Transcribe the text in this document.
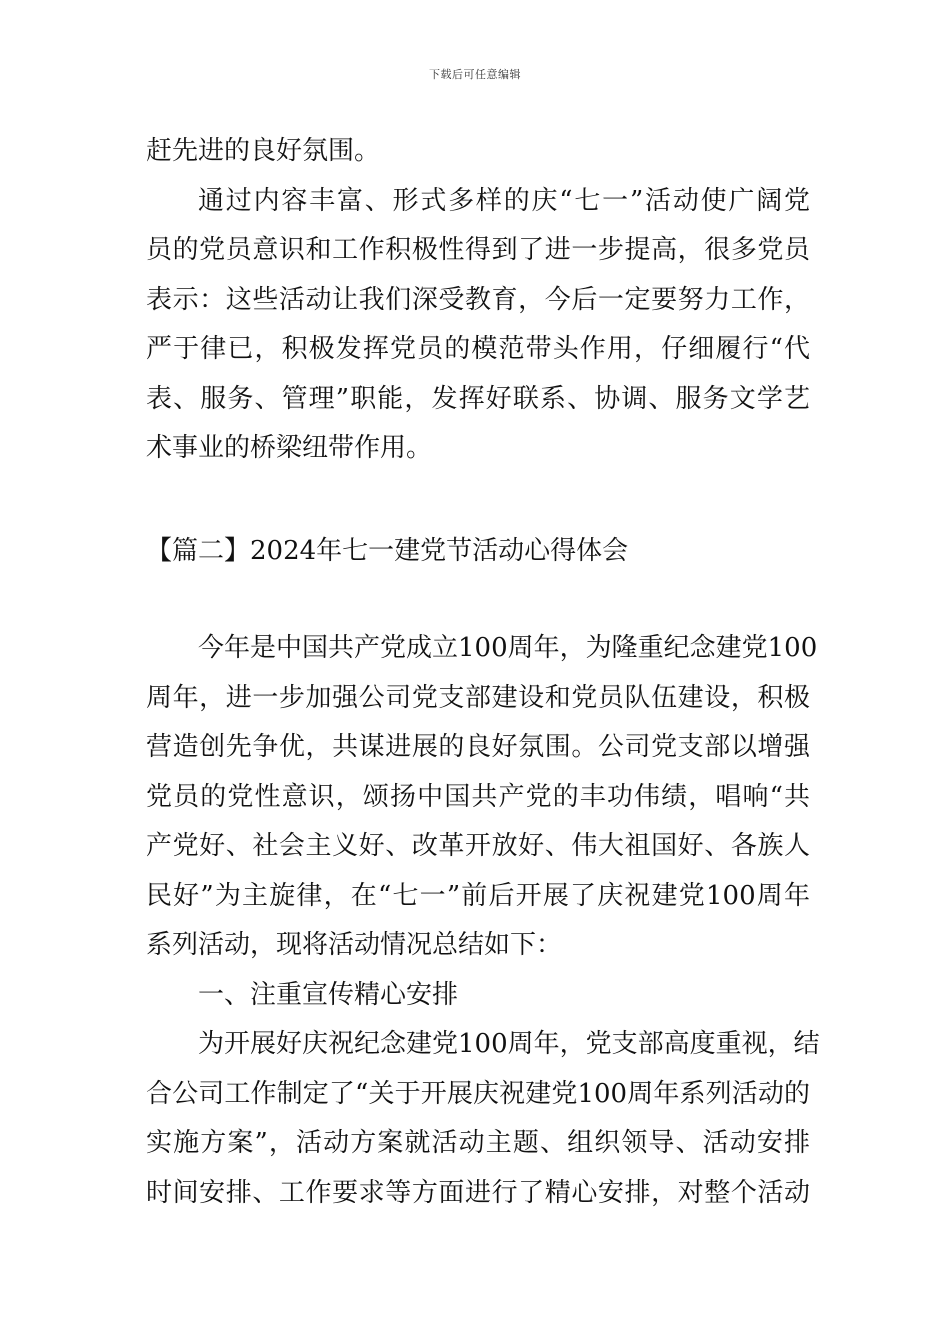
下载后可任意编辑
赶先进的良好氛围。
通过内容丰富、形式多样的庆“七一”活动使广阔党
员的党员意识和工作积极性得到了进一步提高，很多党员
表示：这些活动让我们深受教育，今后一定要努力工作，
严于律已，积极发挥党员的模范带头作用，仔细履行“代
表、服务、管理”职能，发挥好联系、协调、服务文学艺
术事业的桥梁纽带作用。
【篇二】2024年七一建党节活动心得体会
今年是中国共产党成立100周年，为隆重纪念建党100
周年，进一步加强公司党支部建设和党员队伍建设，积极
营造创先争优，共谋进展的良好氛围。公司党支部以增强
党员的党性意识，颂扬中国共产党的丰功伟绩，唱响“共
产党好、社会主义好、改革开放好、伟大祖国好、各族人
民好”为主旋律，在“七一”前后开展了庆祝建党100周年
系列活动，现将活动情况总结如下：
一、注重宣传精心安排
为开展好庆祝纪念建党100周年，党支部高度重视，结
合公司工作制定了“关于开展庆祝建党100周年系列活动的
实施方案”，活动方案就活动主题、组织领导、活动安排
时间安排、工作要求等方面进行了精心安排，对整个活动
